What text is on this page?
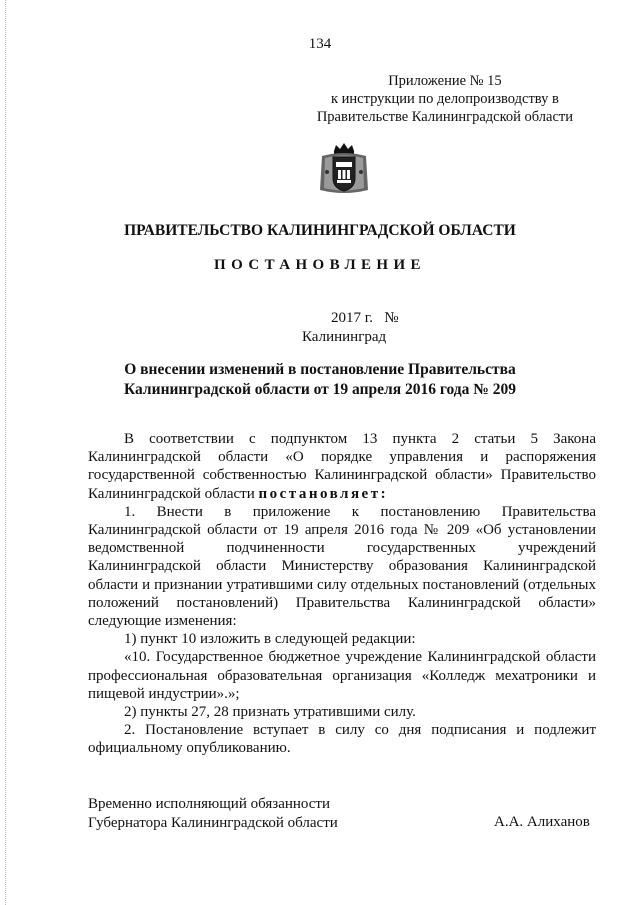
134
Приложение № 15
к инструкции по делопроизводству в
Правительстве Калининградской области
ПРАВИТЕЛЬСТВО КАЛИНИНГРАДСКОЙ ОБЛАСТИ
ПОСТАНОВЛЕНИЕ
2017 г.   №
Калининград
О внесении изменений в постановление Правительства
Калининградской области от 19 апреля 2016 года № 209

В соответствии с подпунктом 13 пункта 2 статьи 5 Закона Калининградской области «О порядке управления и распоряжения государственной собственностью Калининградской области» Правительство Калининградской области постановляет:

1. Внести в приложение к постановлению Правительства Калининградской области от 19 апреля 2016 года № 209 «Об установлении ведомственной подчиненности государственных учреждений Калининградской области Министерству образования Калининградской области и признании утратившими силу отдельных постановлений (отдельных положений постановлений) Правительства Калининградской области» следующие изменения:

1) пункт 10 изложить в следующей редакции:

«10. Государственное бюджетное учреждение Калининградской области профессиональная образовательная организация «Колледж мехатроники и пищевой индустрии».»;

2) пункты 27, 28 признать утратившими силу.

2. Постановление вступает в силу со дня подписания и подлежит официальному опубликованию.

Временно исполняющий обязанности
Губернатора Калининградской области	А.А. Алиханов
